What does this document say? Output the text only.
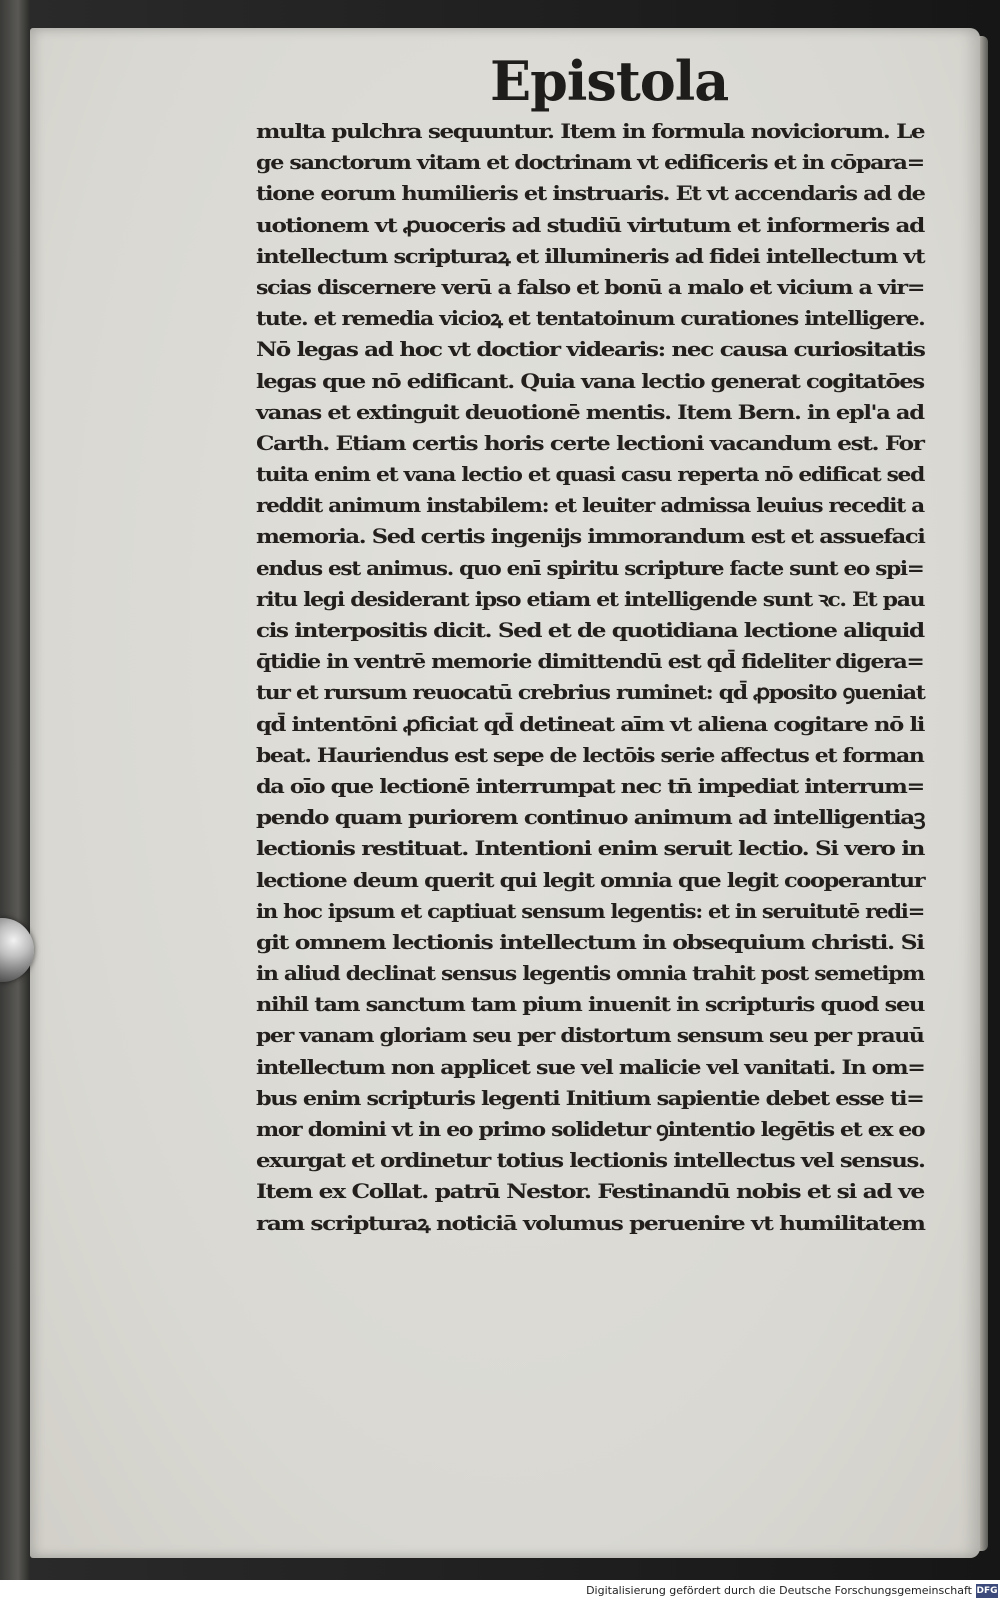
Epistola
multa pulchra sequuntur. Item in formula noviciorum. Le
ge sanctorum vitam et doctrinam vt edificeris et in cōpara=
tione eorum humilieris et instruaris. Et vt accendaris ad de
uotionem vt ꝓuoceris ad studiū virtutum et informeris ad
intellectum scripturaꝝ et illumineris ad fidei intellectum vt
scias discernere verū a falso et bonū a malo et vicium a vir=
tute. et remedia vicioꝝ et tentatoinum curationes intelligere.
Nō legas ad hoc vt doctior videaris: nec causa curiositatis
legas que nō edificant. Quia vana lectio generat cogitatōes
vanas et extinguit deuotionē mentis. Item Bern. in epl'a ad
Carth. Etiam certis horis certe lectioni vacandum est. For
tuita enim et vana lectio et quasi casu reperta nō edificat sed
reddit animum instabilem: et leuiter admissa leuius recedit a
memoria. Sed certis ingenijs immorandum est et assuefaci
endus est animus. quo enī spiritu scripture facte sunt eo spi=
ritu legi desiderant ipso etiam et intelligende sunt ꝛc. Et pau
cis interpositis dicit. Sed et de quotidiana lectione aliquid
q̄tidie in ventrē memorie dimittendū est qd̄ fideliter digera=
tur et rursum reuocatū crebrius ruminet: qd̄ ꝓposito ꝯueniat
qd̄ intentōni ꝓficiat qd̄ detineat aīm vt aliena cogitare nō li
beat. Hauriendus est sepe de lectōis serie affectus et forman
da oīo que lectionē interrumpat nec tn̄ impediat interrum=
pendo quam puriorem continuo animum ad intelligentiaꝫ
lectionis restituat. Intentioni enim seruit lectio. Si vero in
lectione deum querit qui legit omnia que legit cooperantur
in hoc ipsum et captiuat sensum legentis: et in seruitutē redi=
git omnem lectionis intellectum in obsequium christi. Si
in aliud declinat sensus legentis omnia trahit post semetipm
nihil tam sanctum tam pium inuenit in scripturis quod seu
per vanam gloriam seu per distortum sensum seu per prauū
intellectum non applicet sue vel malicie vel vanitati. In om=
bus enim scripturis legenti Initium sapientie debet esse ti=
mor domini vt in eo primo solidetur ꝯintentio legētis et ex eo
exurgat et ordinetur totius lectionis intellectus vel sensus.
Item ex Collat. patrū Nestor. Festinandū nobis et si ad ve
ram scripturaꝝ noticiā volumus peruenire vt humilitatem
Digitalisierung gefördert durch die Deutsche Forschungsgemeinschaft DFG
